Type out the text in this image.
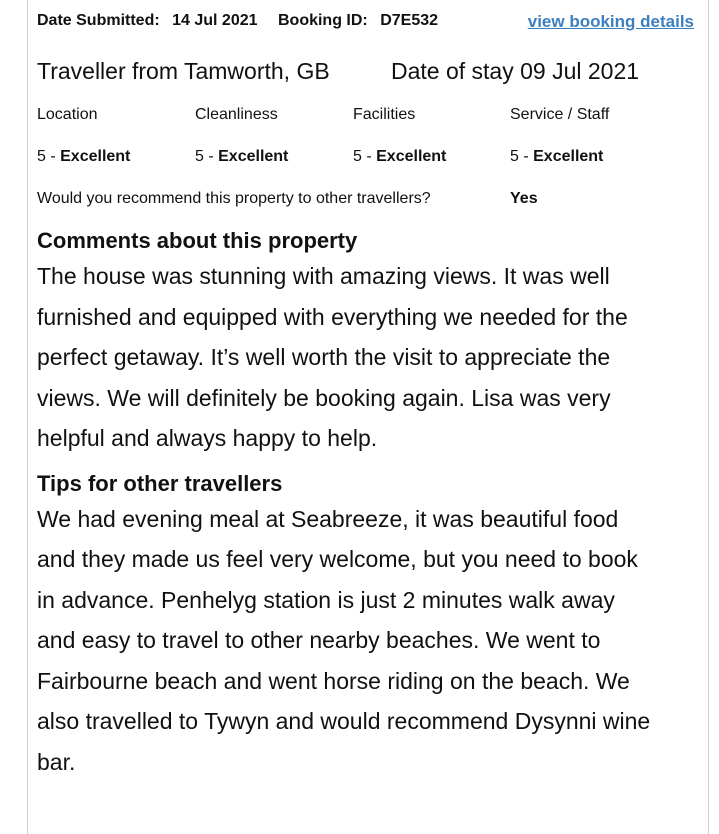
Date Submitted: 14 Jul 2021 Booking ID: D7E532	view booking details
Traveller from Tamworth, GB	Date of stay 09 Jul 2021
Location	Cleanliness	Facilities	Service / Staff
5 - Excellent	5 - Excellent	5 - Excellent	5 - Excellent
Would you recommend this property to other travellers?	Yes
Comments about this property
The house was stunning with amazing views. It was well
furnished and equipped with everything we needed for the
perfect getaway. It’s well worth the visit to appreciate the
views. We will definitely be booking again. Lisa was very
helpful and always happy to help.
Tips for other travellers
We had evening meal at Seabreeze, it was beautiful food
and they made us feel very welcome, but you need to book
in advance. Penhelyg station is just 2 minutes walk away
and easy to travel to other nearby beaches. We went to
Fairbourne beach and went horse riding on the beach. We
also travelled to Tywyn and would recommend Dysynni wine
bar.
